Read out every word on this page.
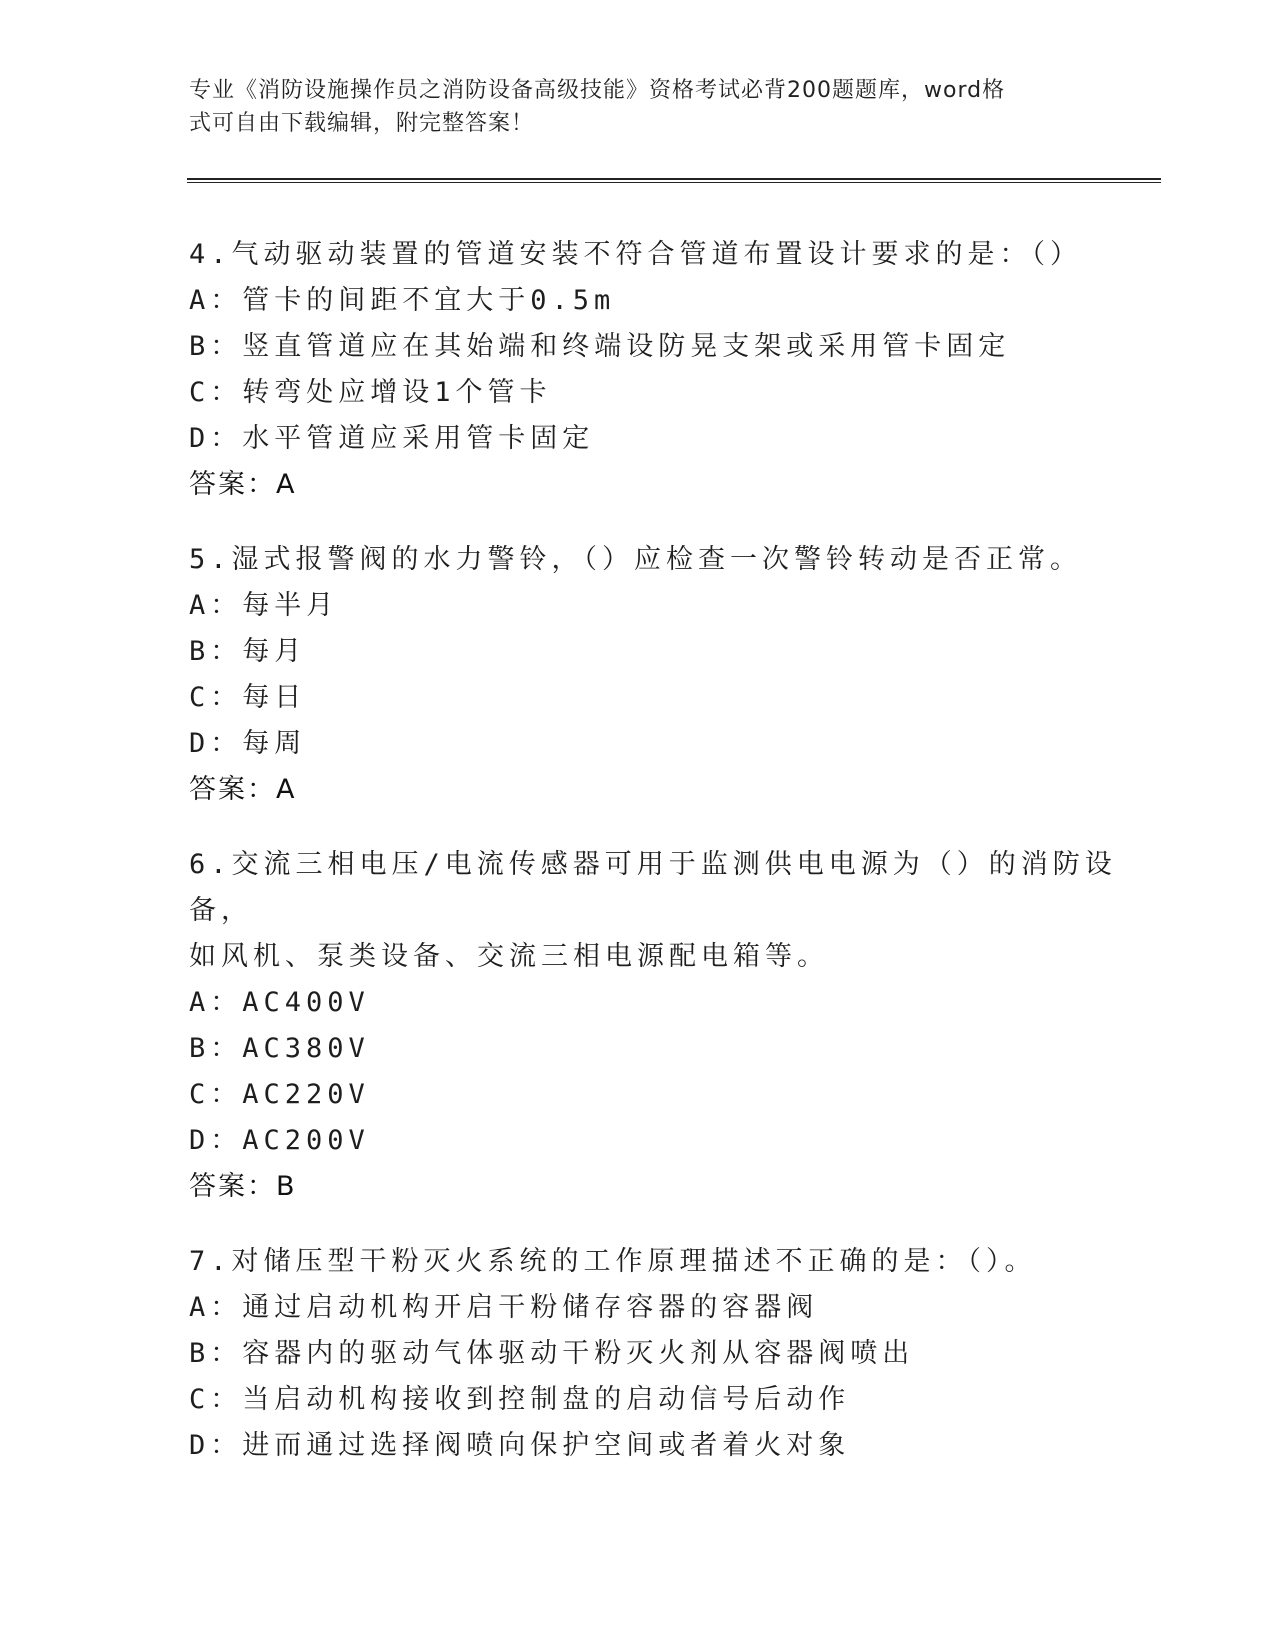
专业《消防设施操作员之消防设备高级技能》资格考试必背200题题库，word格
式可自由下载编辑，附完整答案！
4.气动驱动装置的管道安装不符合管道布置设计要求的是：（）
A：管卡的间距不宜大于0.5m
B：竖直管道应在其始端和终端设防晃支架或采用管卡固定
C：转弯处应增设1个管卡
D：水平管道应采用管卡固定
答案：A
5.湿式报警阀的水力警铃，（）应检查一次警铃转动是否正常。
A：每半月
B：每月
C：每日
D：每周
答案：A
6.交流三相电压/电流传感器可用于监测供电电源为（）的消防设备，
如风机、泵类设备、交流三相电源配电箱等。
A：AC400V
B：AC380V
C：AC220V
D：AC200V
答案：B
7.对储压型干粉灭火系统的工作原理描述不正确的是：（）。
A：通过启动机构开启干粉储存容器的容器阀
B：容器内的驱动气体驱动干粉灭火剂从容器阀喷出
C：当启动机构接收到控制盘的启动信号后动作
D：进而通过选择阀喷向保护空间或者着火对象
